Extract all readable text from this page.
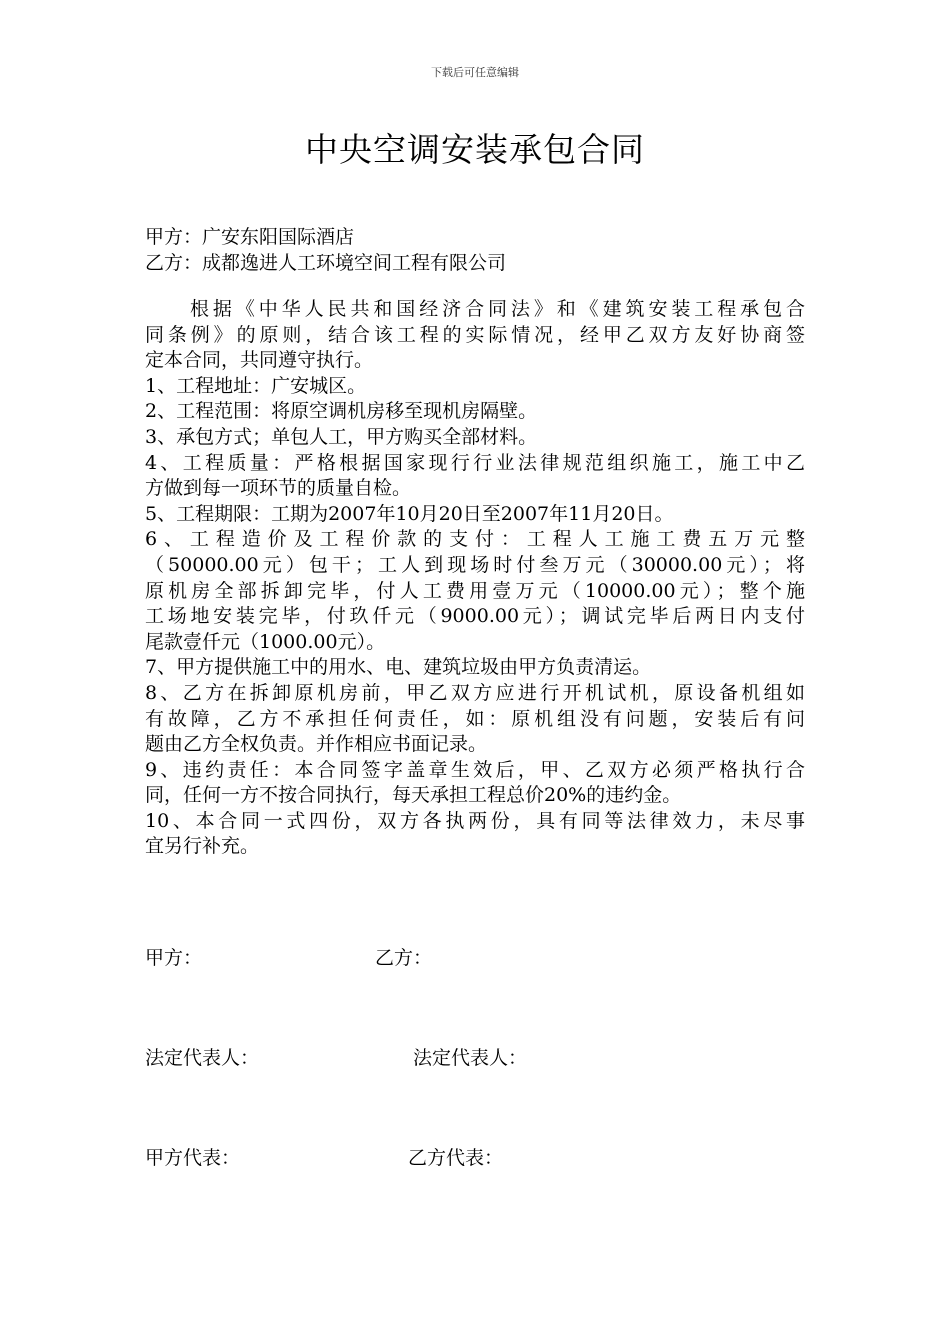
下载后可任意编辑
中央空调安装承包合同
甲方：广安东阳国际酒店
乙方：成都逸进人工环境空间工程有限公司
根据《中华人民共和国经济合同法》和《建筑安装工程承包合
同条例》的原则，结合该工程的实际情况，经甲乙双方友好协商签
定本合同，共同遵守执行。
1、工程地址：广安城区。
2、工程范围：将原空调机房移至现机房隔壁。
3、承包方式；单包人工，甲方购买全部材料。
4、工程质量：严格根据国家现行行业法律规范组织施工，施工中乙
方做到每一项环节的质量自检。
5、工程期限：工期为2007年10月20日至2007年11月20日。
6、工程造价及工程价款的支付：工程人工施工费五万元整
（50000.00元）包干；工人到现场时付叁万元（30000.00元）；将
原机房全部拆卸完毕，付人工费用壹万元（10000.00元）；整个施
工场地安装完毕，付玖仟元（9000.00元）；调试完毕后两日内支付
尾款壹仟元（1000.00元）。
7、甲方提供施工中的用水、电、建筑垃圾由甲方负责清运。
8、乙方在拆卸原机房前，甲乙双方应进行开机试机，原设备机组如
有故障，乙方不承担任何责任，如：原机组没有问题，安装后有问
题由乙方全权负责。并作相应书面记录。
9、违约责任：本合同签字盖章生效后，甲、乙双方必须严格执行合
同，任何一方不按合同执行，每天承担工程总价20%的违约金。
10、本合同一式四份，双方各执两份，具有同等法律效力，未尽事
宜另行补充。
甲方：	乙方：
法定代表人：	法定代表人：
甲方代表：	乙方代表：
